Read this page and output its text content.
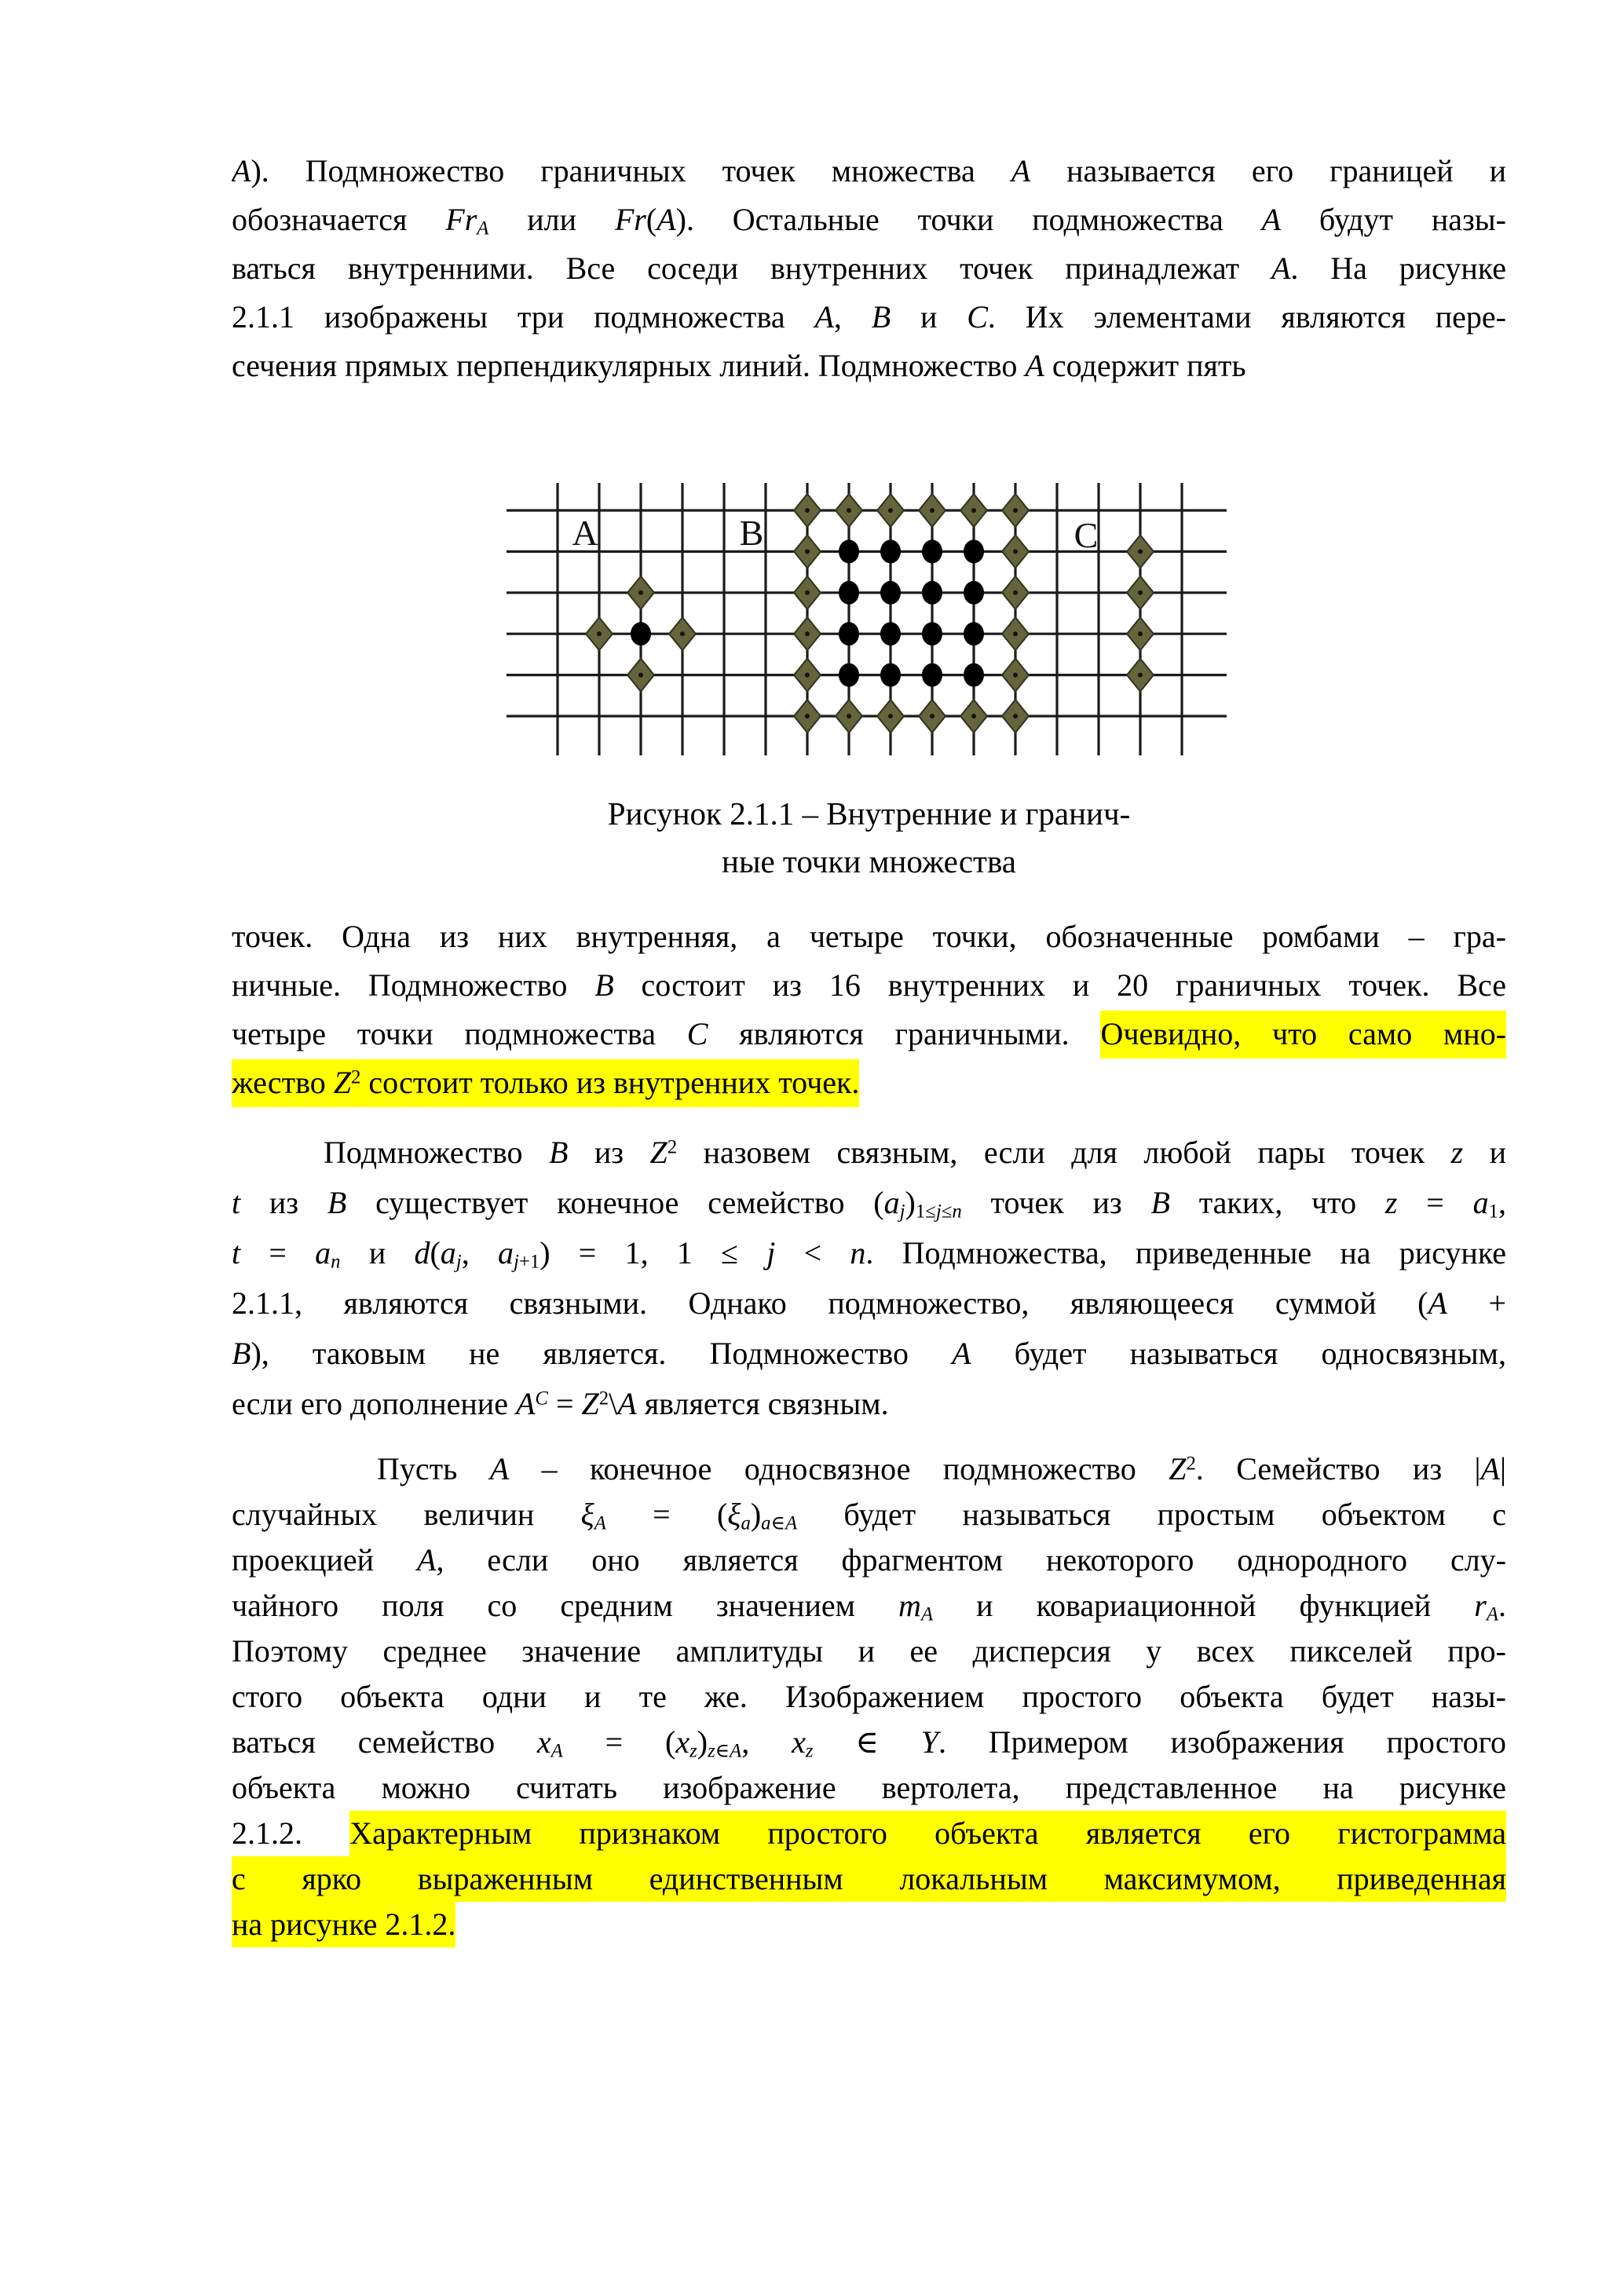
A). Подмножество граничных точек множества A называется его границей и
обозначается $Fr_A$ или Fr(A). Остальные точки подмножества A будут назы-
ваться внутренними. Все соседи внутренних точек принадлежат A. На рисунке
2.1.1 изображены три подмножества A, B и C. Их элементами являются пере-
сечения прямых перпендикулярных линий. Подмножество A содержит пять
A	B	C
Рисунок 2.1.1 – Внутренние и гранич-
ные точки множества
точек. Одна из них внутренняя, а четыре точки, обозначенные ромбами – гра-
ничные. Подмножество B состоит из 16 внутренних и 20 граничных точек. Все
четыре точки подмножества C являются граничными. Очевидно, что само мно-
жество $Z^2$ состоит только из внутренних точек.
Подмножество B из $Z^2$ назовем связным, если для любой пары точек z и
t из B существует конечное семейство $(a_j)_{1\le j\le n}$ точек из B таких, что $z = a_1$,
$t = a_n$ и $d(a_j$, $a_{j+1}) = 1$, 1 ≤ j < n. Подмножества, приведенные на рисунке
2.1.1, являются связными. Однако подмножество, являющееся суммой (A +
B), таковым не является. Подмножество A будет называться односвязным,
если его дополнение $A^C$ = $Z^2\backslash A$ является связным.
Пусть A – конечное односвязное подмножество $Z^2$. Семейство из |A|
случайных величин $\xi_A = (\xi_a)_{a\in A}$ будет называться простым объектом с
проекцией A, если оно является фрагментом некоторого однородного слу-
чайного поля со средним значением $m_A$ и ковариационной функцией $r_A$.
Поэтому среднее значение амплитуды и ее дисперсия у всех пикселей про-
стого объекта одни и те же. Изображением простого объекта будет назы-
ваться семейство $x_A = (x_z)_{z\in A}$, $x_z$ ∈ Y. Примером изображения простого
объекта можно считать изображение вертолета, представленное на рисунке
2.1.2. Характерным признаком простого объекта является его гистограмма
с ярко выраженным единственным локальным максимумом, приведенная
на рисунке 2.1.2.
